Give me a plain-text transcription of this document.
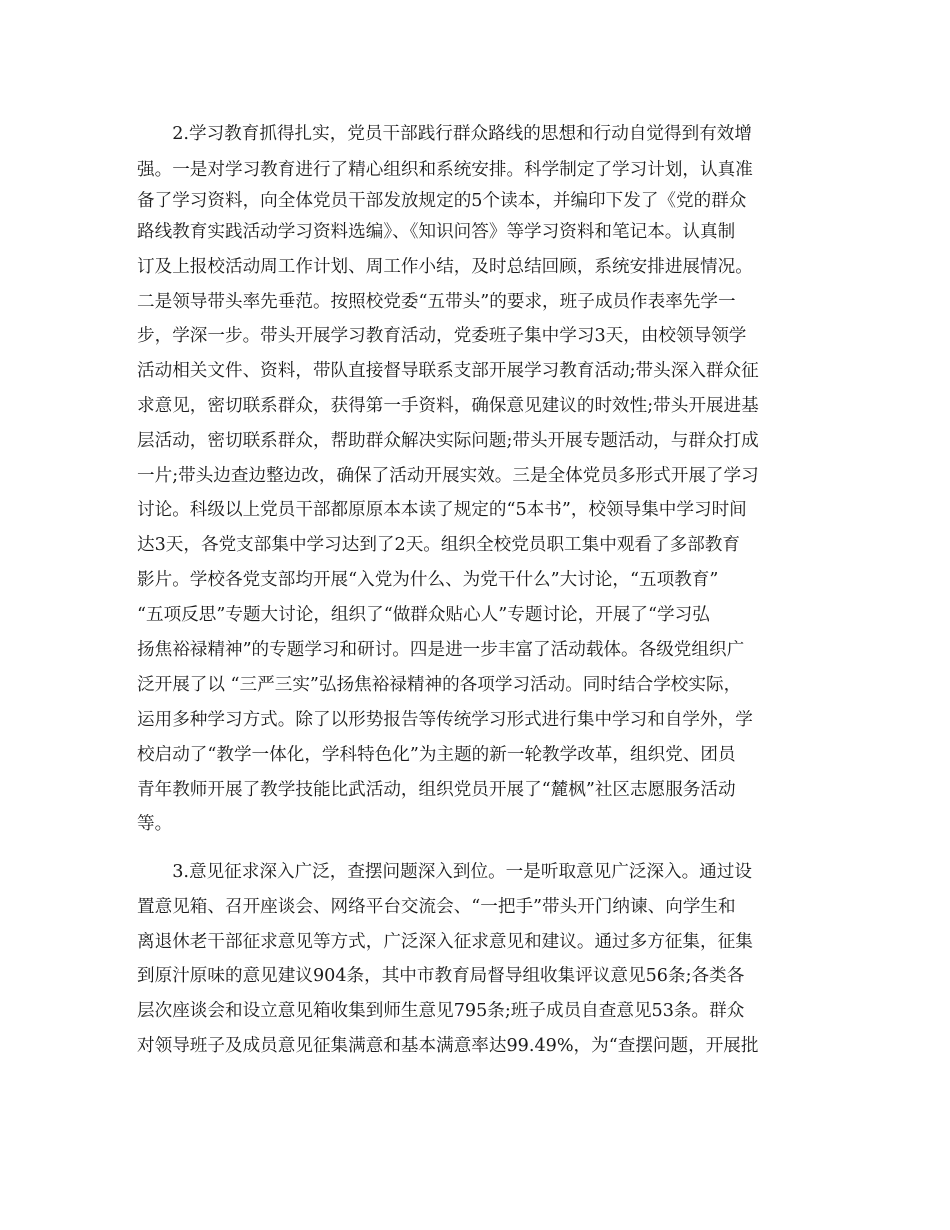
　　2.学习教育抓得扎实，党员干部践行群众路线的思想和行动自觉得到有效增
强。一是对学习教育进行了精心组织和系统安排。科学制定了学习计划，认真准
备了学习资料，向全体党员干部发放规定的5个读本，并编印下发了《党的群众
路线教育实践活动学习资料选编》、《知识问答》等学习资料和笔记本。认真制
订及上报校活动周工作计划、周工作小结，及时总结回顾，系统安排进展情况。
二是领导带头率先垂范。按照校党委“五带头”的要求，班子成员作表率先学一
步，学深一步。带头开展学习教育活动，党委班子集中学习3天，由校领导领学
活动相关文件、资料，带队直接督导联系支部开展学习教育活动;带头深入群众征
求意见，密切联系群众，获得第一手资料，确保意见建议的时效性;带头开展进基
层活动，密切联系群众，帮助群众解决实际问题;带头开展专题活动，与群众打成
一片;带头边查边整边改，确保了活动开展实效。三是全体党员多形式开展了学习
讨论。科级以上党员干部都原原本本读了规定的“5本书”，校领导集中学习时间
达3天，各党支部集中学习达到了2天。组织全校党员职工集中观看了多部教育
影片。学校各党支部均开展“入党为什么、为党干什么”大讨论，“五项教育”
“五项反思”专题大讨论，组织了“做群众贴心人”专题讨论，开展了“学习弘
扬焦裕禄精神”的专题学习和研讨。四是进一步丰富了活动载体。各级党组织广
泛开展了以 “三严三实”弘扬焦裕禄精神的各项学习活动。同时结合学校实际，
运用多种学习方式。除了以形势报告等传统学习形式进行集中学习和自学外，学
校启动了“教学一体化，学科特色化”为主题的新一轮教学改革，组织党、团员
青年教师开展了教学技能比武活动，组织党员开展了“麓枫”社区志愿服务活动
等。
　　3.意见征求深入广泛，查摆问题深入到位。一是听取意见广泛深入。通过设
置意见箱、召开座谈会、网络平台交流会、“一把手”带头开门纳谏、向学生和
离退休老干部征求意见等方式，广泛深入征求意见和建议。通过多方征集，征集
到原汁原味的意见建议904条，其中市教育局督导组收集评议意见56条;各类各
层次座谈会和设立意见箱收集到师生意见795条;班子成员自查意见53条。群众
对领导班子及成员意见征集满意和基本满意率达99.49%，为“查摆问题，开展批
